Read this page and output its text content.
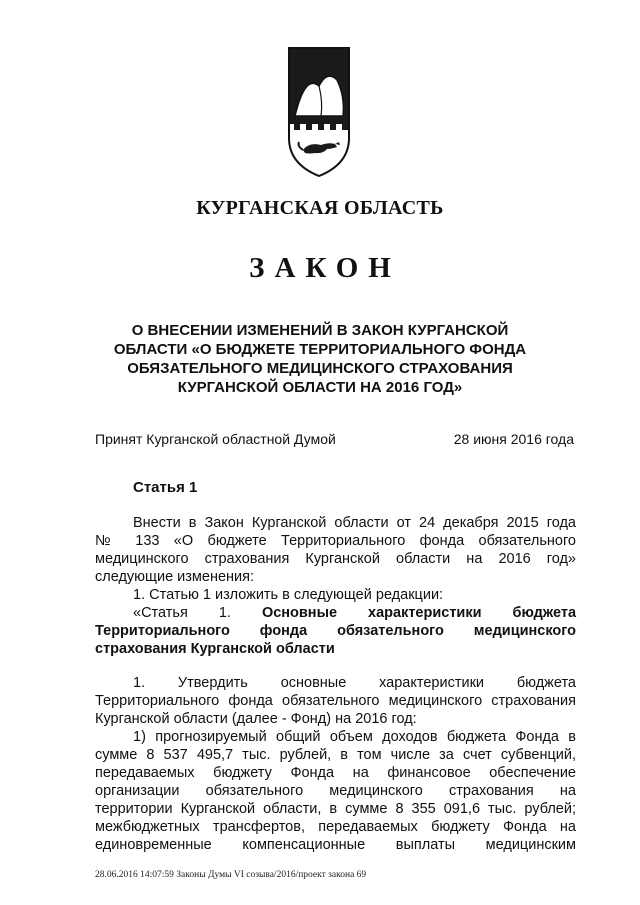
КУРГАНСКАЯ ОБЛАСТЬ
ЗАКОН
О ВНЕСЕНИИ ИЗМЕНЕНИЙ В ЗАКОН КУРГАНСКОЙ ОБЛАСТИ «О БЮДЖЕТЕ ТЕРРИТОРИАЛЬНОГО ФОНДА ОБЯЗАТЕЛЬНОГО МЕДИЦИНСКОГО СТРАХОВАНИЯ КУРГАНСКОЙ ОБЛАСТИ НА 2016 ГОД»
Принят Курганской областной Думой	28 июня 2016 года
Статья 1
Внести в Закон Курганской области от 24 декабря 2015 года
№ 133 «О бюджете Территориального фонда обязательного
медицинского страхования Курганской области на 2016 год»
следующие изменения:
1. Статью 1 изложить в следующей редакции:
«Статья 1. Основные характеристики бюджета
Территориального фонда обязательного медицинского
страхования Курганской области
1. Утвердить основные характеристики бюджета
Территориального фонда обязательного медицинского страхования
Курганской области (далее - Фонд) на 2016 год:
1) прогнозируемый общий объем доходов бюджета Фонда в
сумме 8 537 495,7 тыс. рублей, в том числе за счет субвенций,
передаваемых бюджету Фонда на финансовое обеспечение
организации обязательного медицинского страхования на
территории Курганской области, в сумме 8 355 091,6 тыс. рублей;
межбюджетных трансфертов, передаваемых бюджету Фонда на
единовременные компенсационные выплаты медицинским
28.06.2016 14:07:59 Законы Думы VI созыва/2016/проект закона 69
